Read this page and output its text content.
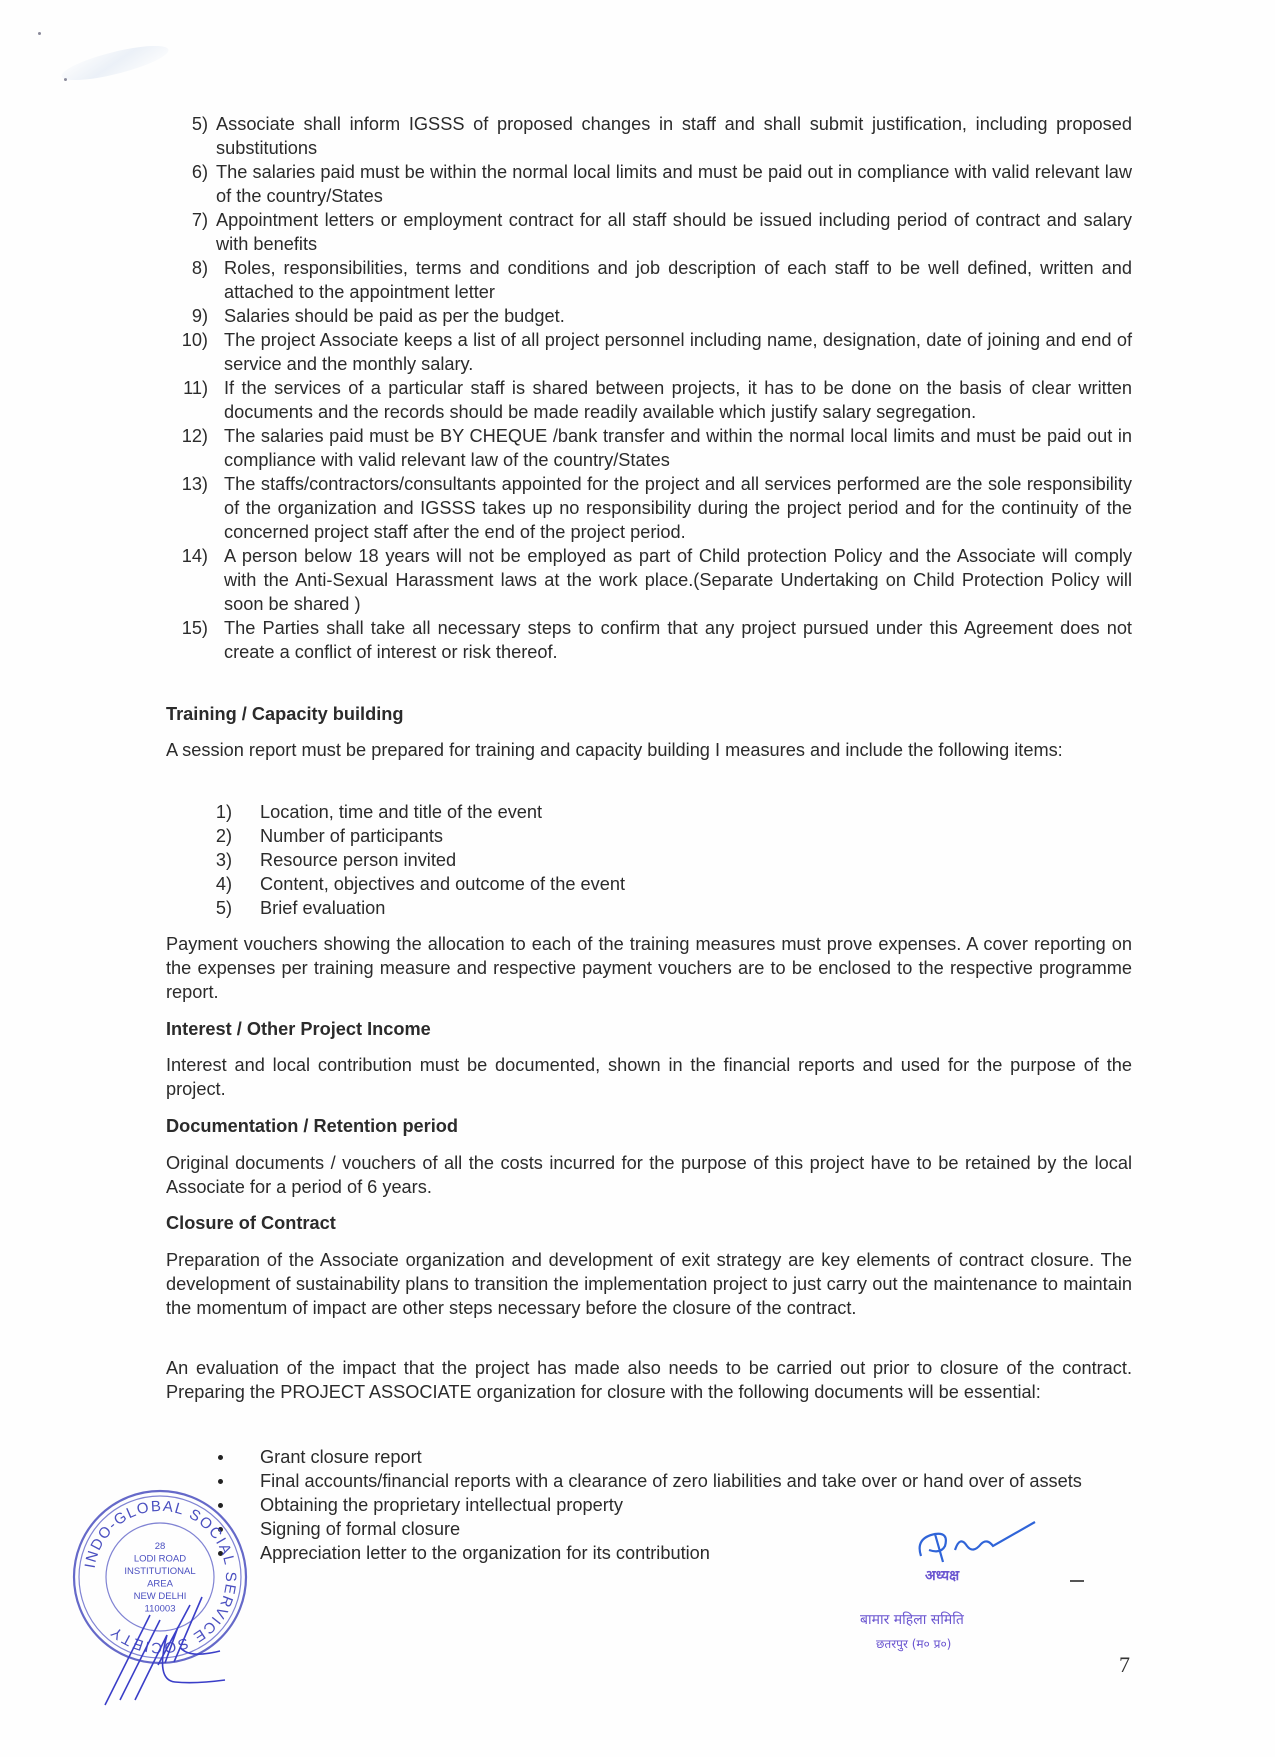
5) Associate shall inform IGSSS of proposed changes in staff and shall submit justification, including proposed substitutions
6) The salaries paid must be within the normal local limits and must be paid out in compliance with valid relevant law of the country/States
7) Appointment letters or employment contract for all staff should be issued including period of contract and salary with benefits
8) Roles, responsibilities, terms and conditions and job description of each staff to be well defined, written and attached to the appointment letter
9) Salaries should be paid as per the budget.
10) The project Associate keeps a list of all project personnel including name, designation, date of joining and end of service and the monthly salary.
11) If the services of a particular staff is shared between projects, it has to be done on the basis of clear written documents and the records should be made readily available which justify salary segregation.
12) The salaries paid must be BY CHEQUE /bank transfer and within the normal local limits and must be paid out in compliance with valid relevant law of the country/States
13) The staffs/contractors/consultants appointed for the project and all services performed are the sole responsibility of the organization and IGSSS takes up no responsibility during the project period and for the continuity of the concerned project staff after the end of the project period.
14) A person below 18 years will not be employed as part of Child protection Policy and the Associate will comply with the Anti-Sexual Harassment laws at the work place.(Separate Undertaking on Child Protection Policy will soon be shared )
15) The Parties shall take all necessary steps to confirm that any project pursued under this Agreement does not create a conflict of interest or risk thereof.
Training / Capacity building
A session report must be prepared for training and capacity building I measures and include the following items:
1) Location, time and title of the event
2) Number of participants
3) Resource person invited
4) Content, objectives and outcome of the event
5) Brief evaluation
Payment vouchers showing the allocation to each of the training measures must prove expenses. A cover reporting on the expenses per training measure and respective payment vouchers are to be enclosed to the respective programme report.
Interest / Other Project Income
Interest and local contribution must be documented, shown in the financial reports and used for the purpose of the project.
Documentation / Retention period
Original documents / vouchers of all the costs incurred for the purpose of this project have to be retained by the local Associate for a period of 6 years.
Closure of Contract
Preparation of the Associate organization and development of exit strategy are key elements of contract closure. The development of sustainability plans to transition the implementation project to just carry out the maintenance to maintain the momentum of impact are other steps necessary before the closure of the contract.
An evaluation of the impact that the project has made also needs to be carried out prior to closure of the contract. Preparing the PROJECT ASSOCIATE organization for closure with the following documents will be essential:
Grant closure report
Final accounts/financial reports with a clearance of zero liabilities and take over or hand over of assets
Obtaining the proprietary intellectual property
Signing of formal closure
Appreciation letter to the organization for its contribution
INDO-GLOBAL SOCIAL SERVICE SOCIETY
28
LODI ROAD
INSTITUTIONAL
AREA
NEW DELHI
110003
अध्यक्ष
बामार महिला समिति
छतरपुर (म० प्र०)
7
